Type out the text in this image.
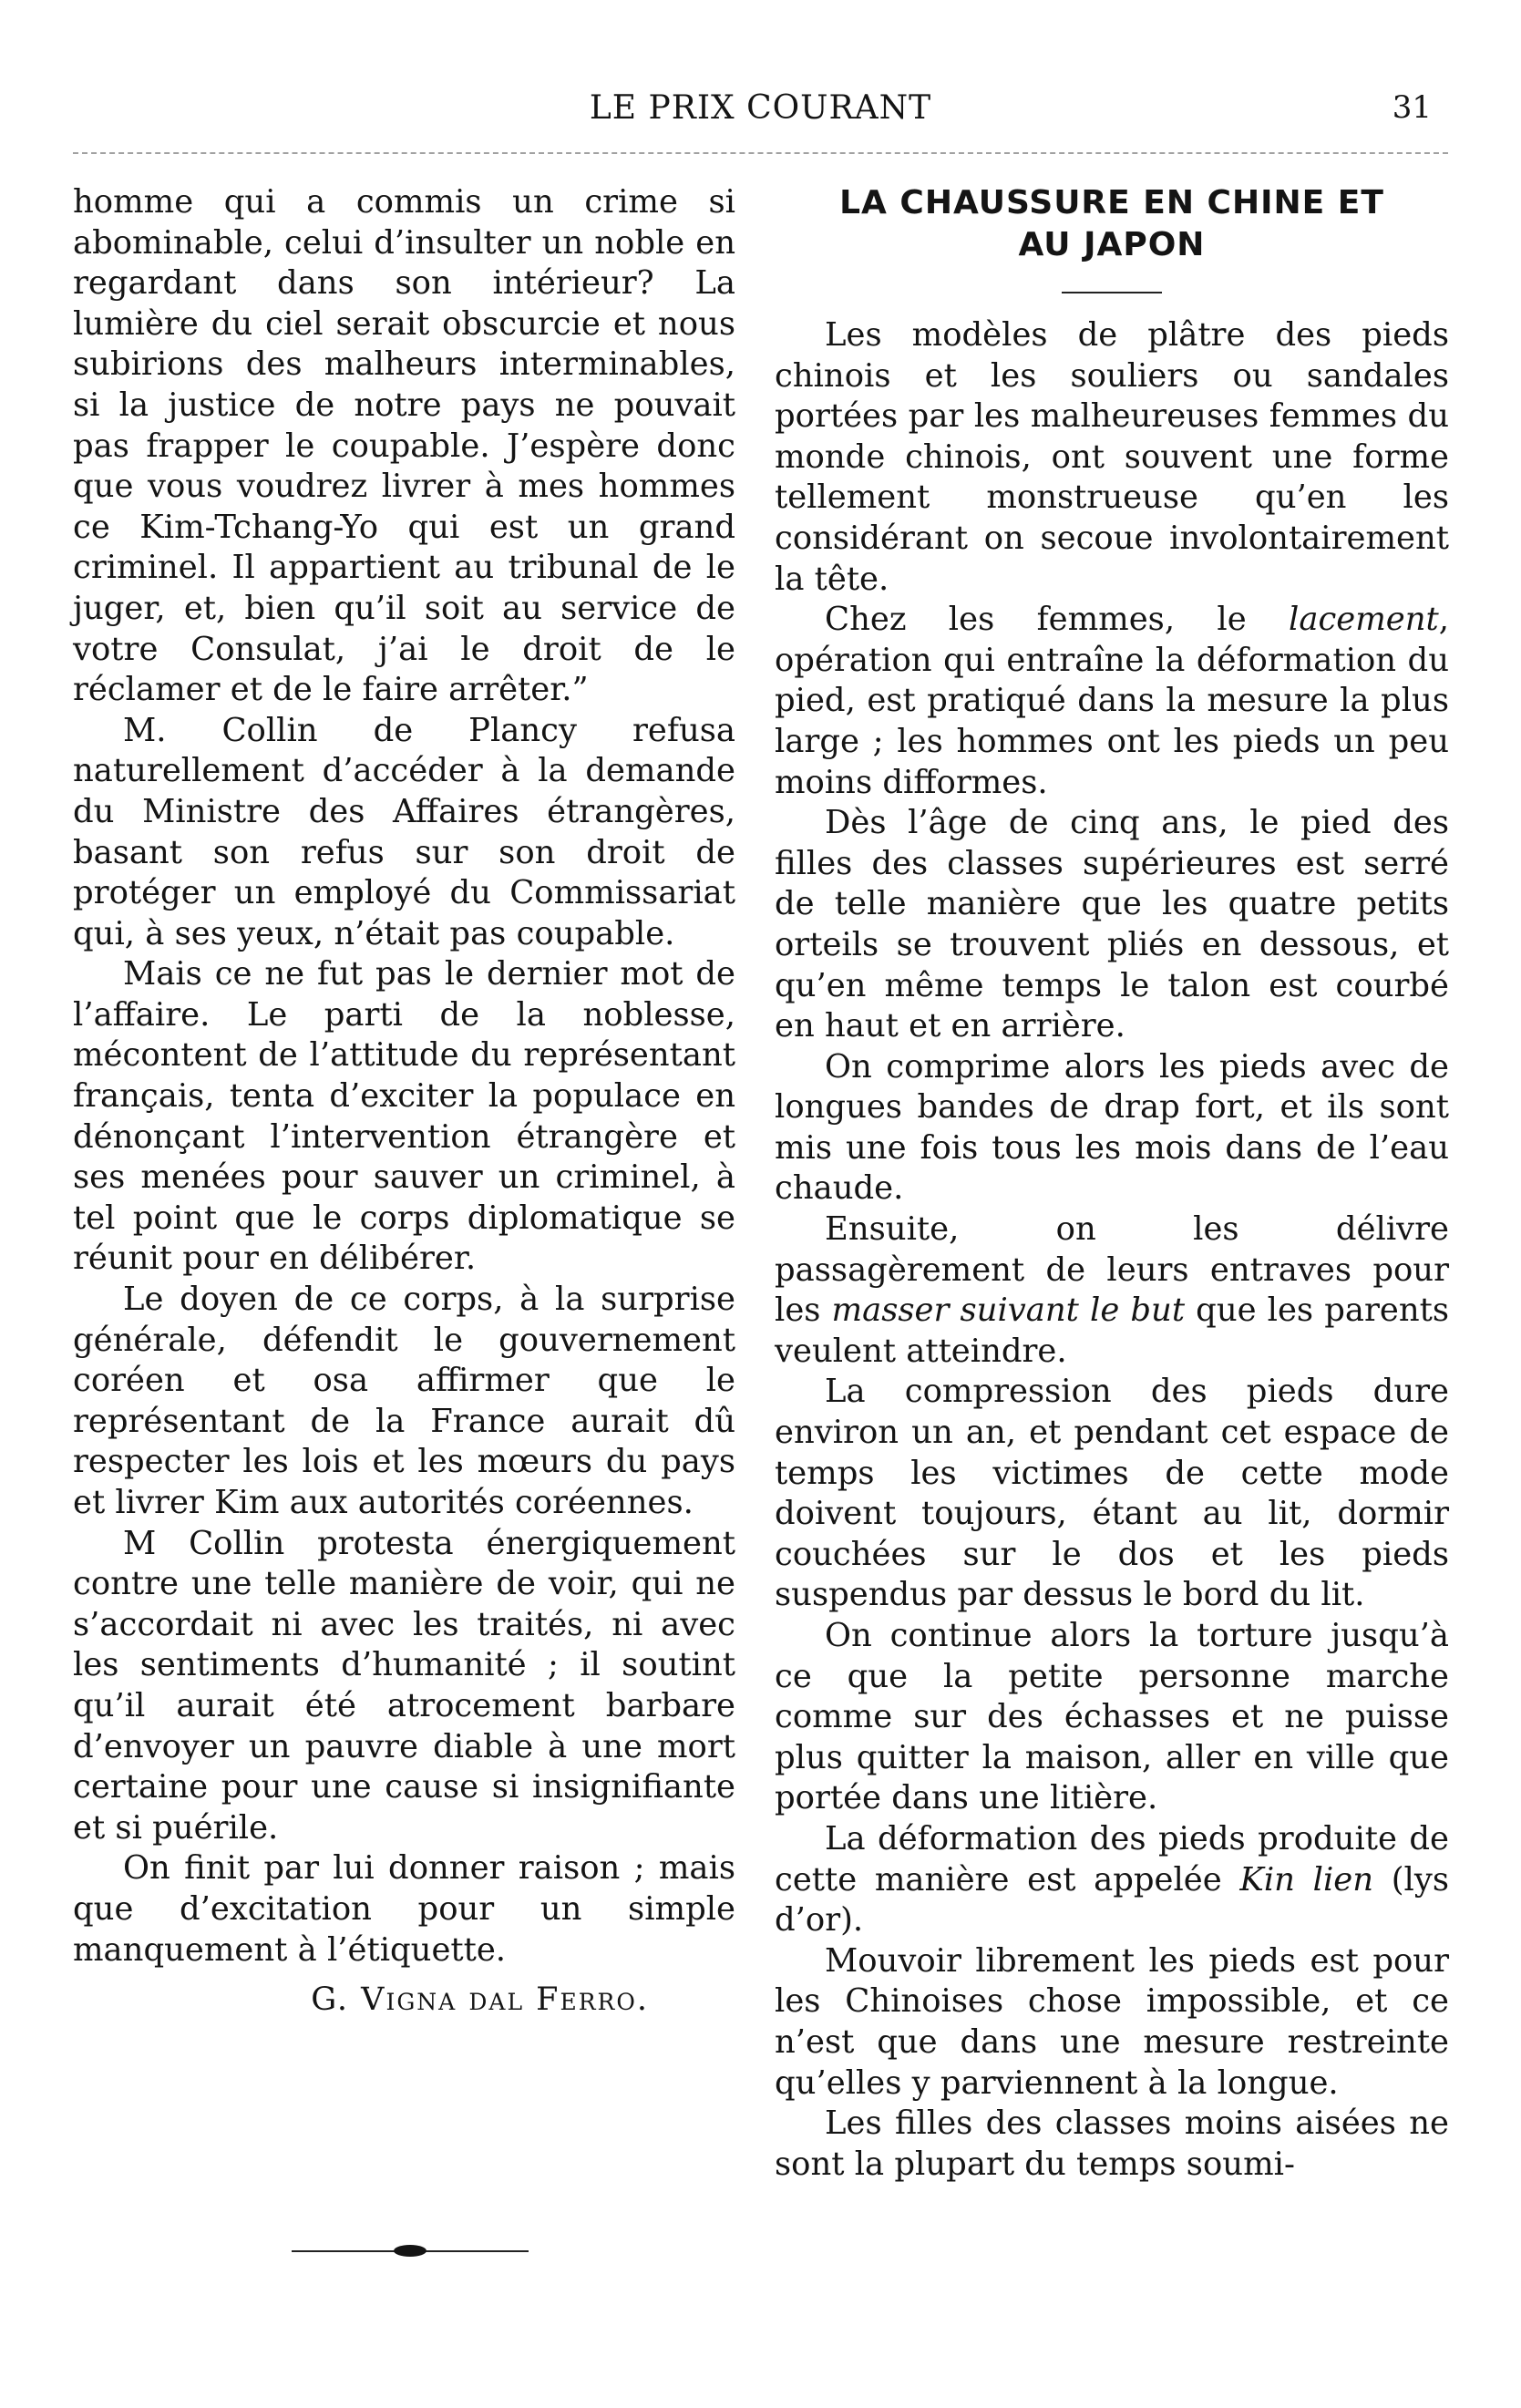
LE PRIX COURANT	31

homme qui a commis un crime si abominable, celui d’insulter un noble en regardant dans son intérieur? La lumière du ciel serait obscurcie et nous subirions des malheurs interminables, si la justice de notre pays ne pouvait pas frapper le coupable. J’espère donc que vous voudrez livrer à mes hommes ce Kim-Tchang-Yo qui est un grand criminel. Il appartient au tribunal de le juger, et, bien qu’il soit au service de votre Consulat, j’ai le droit de le réclamer et de le faire arrêter.”

M. Collin de Plancy refusa naturellement d’accéder à la demande du Ministre des Affaires étrangères, basant son refus sur son droit de protéger un employé du Commissariat qui, à ses yeux, n’était pas coupable.

Mais ce ne fut pas le dernier mot de l’affaire. Le parti de la noblesse, mécontent de l’attitude du représentant français, tenta d’exciter la populace en dénonçant l’intervention étrangère et ses menées pour sauver un criminel, à tel point que le corps diplomatique se réunit pour en délibérer.

Le doyen de ce corps, à la surprise générale, défendit le gouvernement coréen et osa affirmer que le représentant de la France aurait dû respecter les lois et les mœurs du pays et livrer Kim aux autorités coréennes.

M Collin protesta énergiquement contre une telle manière de voir, qui ne s’accordait ni avec les traités, ni avec les sentiments d’humanité ; il soutint qu’il aurait été atrocement barbare d’envoyer un pauvre diable à une mort certaine pour une cause si insignifiante et si puérile.

On finit par lui donner raison ; mais que d’excitation pour un simple manquement à l’étiquette.

G. Vigna dal Ferro.
LA CHAUSSURE EN CHINE ET
AU JAPON

Les modèles de plâtre des pieds chinois et les souliers ou sandales portées par les malheureuses femmes du monde chinois, ont souvent une forme tellement monstrueuse qu’en les considérant on secoue involontairement la tête.

Chez les femmes, le lacement, opération qui entraîne la déformation du pied, est pratiqué dans la mesure la plus large ; les hommes ont les pieds un peu moins difformes.

Dès l’âge de cinq ans, le pied des filles des classes supérieures est serré de telle manière que les quatre petits orteils se trouvent pliés en dessous, et qu’en même temps le talon est courbé en haut et en arrière.

On comprime alors les pieds avec de longues bandes de drap fort, et ils sont mis une fois tous les mois dans de l’eau chaude.

Ensuite, on les délivre passagèrement de leurs entraves pour les masser suivant le but que les parents veulent atteindre.

La compression des pieds dure environ un an, et pendant cet espace de temps les victimes de cette mode doivent toujours, étant au lit, dormir couchées sur le dos et les pieds suspendus par dessus le bord du lit.

On continue alors la torture jusqu’à ce que la petite personne marche comme sur des échasses et ne puisse plus quitter la maison, aller en ville que portée dans une litière.

La déformation des pieds produite de cette manière est appelée Kin lien (lys d’or).

Mouvoir librement les pieds est pour les Chinoises chose impossible, et ce n’est que dans une mesure restreinte qu’elles y parviennent à la longue.

Les filles des classes moins aisées ne sont la plupart du temps soumi-
